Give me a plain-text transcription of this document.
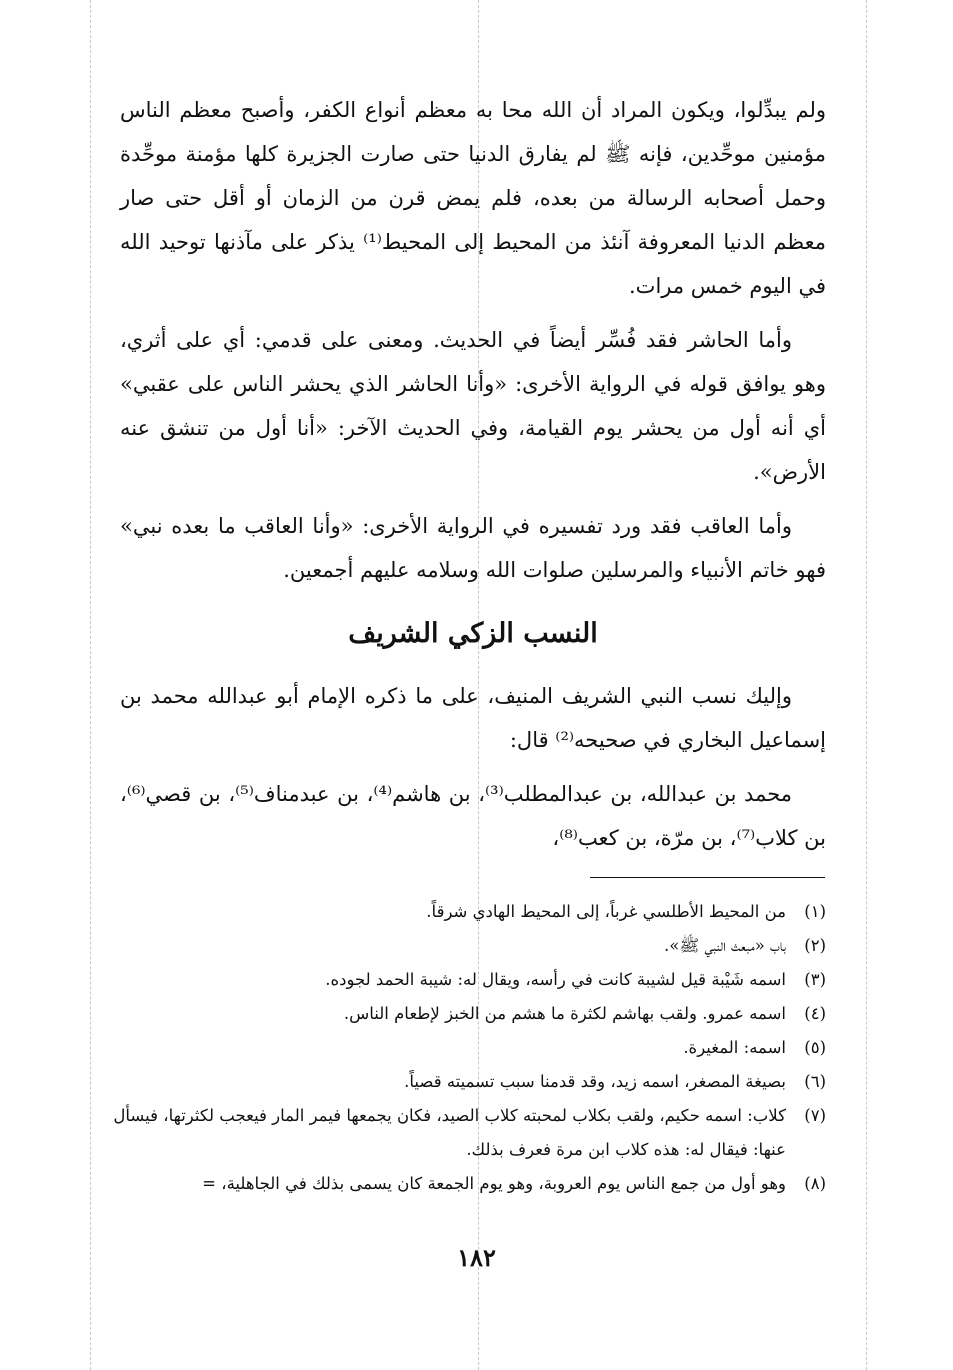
ولم يبدِّلوا، ويكون المراد أن الله محا به معظم أنواع الكفر، وأصبح معظم الناس مؤمنين موحِّدين، فإنه ﷺ لم يفارق الدنيا حتى صارت الجزيرة كلها مؤمنة موحِّدة وحمل أصحابه الرسالة من بعده، فلم يمض قرن من الزمان أو أقل حتى صار معظم الدنيا المعروفة آنئذ من المحيط إلى المحيط⁽¹⁾ يذكر على مآذنها توحيد الله في اليوم خمس مرات.

وأما الحاشر فقد فُسِّر أيضاً في الحديث. ومعنى على قدمي: أي على أثري، وهو يوافق قوله في الرواية الأخرى: «وأنا الحاشر الذي يحشر الناس على عقبي» أي أنه أول من يحشر يوم القيامة، وفي الحديث الآخر: «أنا أول من تنشق عنه الأرض».

وأما العاقب فقد ورد تفسيره في الرواية الأخرى: «وأنا العاقب ما بعده نبي» فهو خاتم الأنبياء والمرسلين صلوات الله وسلامه عليهم أجمعين.

النسب الزكي الشريف

وإليك نسب النبي الشريف المنيف، على ما ذكره الإمام أبو عبدالله محمد بن إسماعيل البخاري في صحيحه⁽²⁾ قال:

محمد بن عبدالله، بن عبدالمطلب⁽³⁾، بن هاشم⁽⁴⁾، بن عبدمناف⁽⁵⁾، بن قصي⁽⁶⁾، بن كلاب⁽⁷⁾، بن مرّة، بن كعب⁽⁸⁾،

(١)
من المحيط الأطلسي غرباً، إلى المحيط الهادي شرقاً.
(٢)
باب «مبعث النبي ﷺ».
(٣)
اسمه شَيْبة قيل لشيبة كانت في رأسه، ويقال له: شيبة الحمد لجوده.
(٤)
اسمه عمرو. ولقب بهاشم لكثرة ما هشم من الخبز لإطعام الناس.
(٥)
اسمه: المغيرة.
(٦)
بصيغة المصغر، اسمه زيد، وقد قدمنا سبب تسميته قصياً.
(٧)
كلاب: اسمه حكيم، ولقب بكلاب لمحبته كلاب الصيد، فكان يجمعها فيمر المار فيعجب لكثرتها، فيسأل عنها: فيقال له: هذه كلاب ابن مرة فعرف بذلك.
(٨)
وهو أول من جمع الناس يوم العروبة، وهو يوم الجمعة كان يسمى بذلك في الجاهلية، =
١٨٢
